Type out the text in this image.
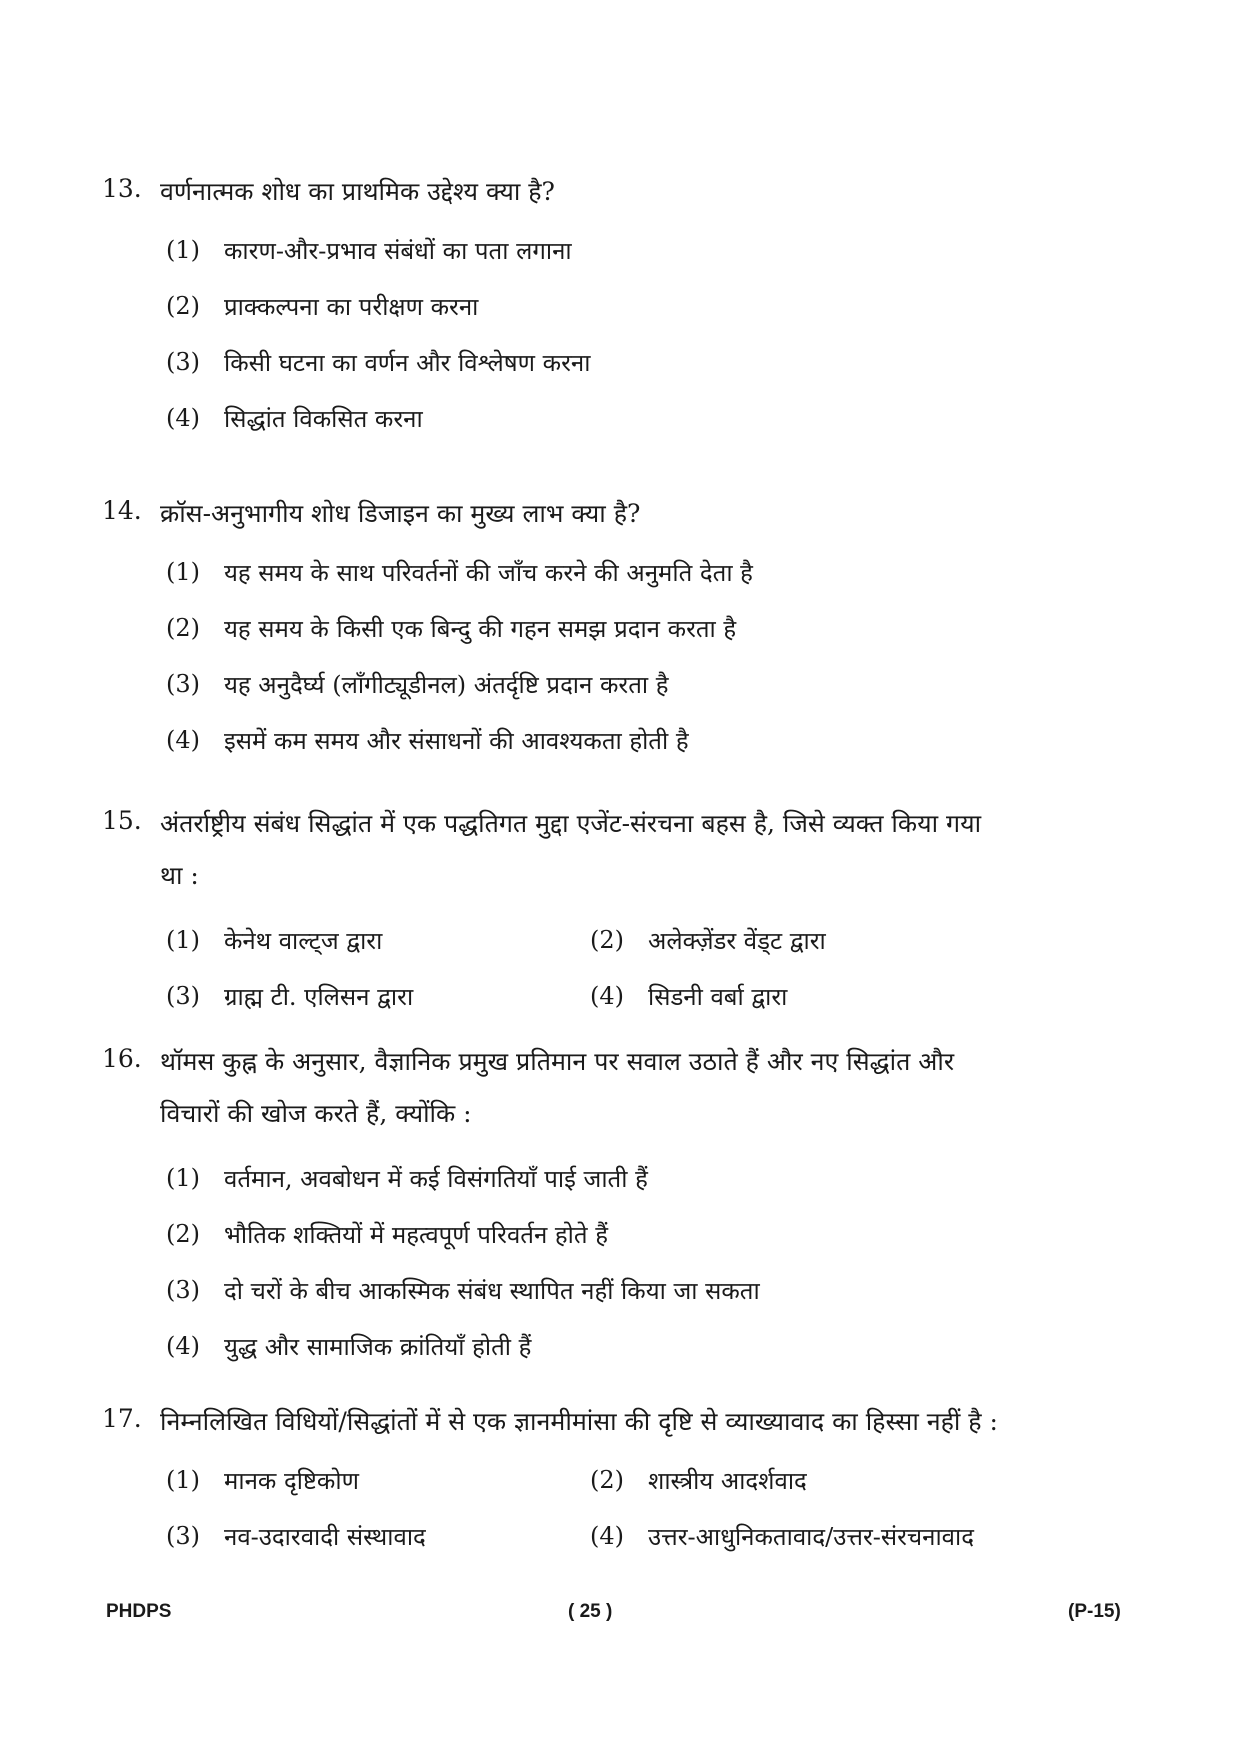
13. वर्णनात्मक शोध का प्राथमिक उद्देश्य क्या है?
(1) कारण-और-प्रभाव संबंधों का पता लगाना
(2) प्राक्कल्पना का परीक्षण करना
(3) किसी घटना का वर्णन और विश्लेषण करना
(4) सिद्धांत विकसित करना
14. क्रॉस-अनुभागीय शोध डिजाइन का मुख्य लाभ क्या है?
(1) यह समय के साथ परिवर्तनों की जाँच करने की अनुमति देता है
(2) यह समय के किसी एक बिन्दु की गहन समझ प्रदान करता है
(3) यह अनुदैर्घ्य (लॉंगीट्यूडीनल) अंतर्दृष्टि प्रदान करता है
(4) इसमें कम समय और संसाधनों की आवश्यकता होती है
15. अंतर्राष्ट्रीय संबंध सिद्धांत में एक पद्धतिगत मुद्दा एजेंट-संरचना बहस है, जिसे व्यक्त किया गया
था :
(1) केनेथ वाल्ट्ज द्वारा	(2) अलेक्ज़ेंडर वेंड्ट द्वारा
(3) ग्राह्म टी. एलिसन द्वारा	(4) सिडनी वर्बा द्वारा
16. थॉमस कुह्न के अनुसार, वैज्ञानिक प्रमुख प्रतिमान पर सवाल उठाते हैं और नए सिद्धांत और
विचारों की खोज करते हैं, क्योंकि :
(1) वर्तमान, अवबोधन में कई विसंगतियाँ पाई जाती हैं
(2) भौतिक शक्तियों में महत्वपूर्ण परिवर्तन होते हैं
(3) दो चरों के बीच आकस्मिक संबंध स्थापित नहीं किया जा सकता
(4) युद्ध और सामाजिक क्रांतियाँ होती हैं
17. निम्नलिखित विधियों/सिद्धांतों में से एक ज्ञानमीमांसा की दृष्टि से व्याख्यावाद का हिस्सा नहीं है :
(1) मानक दृष्टिकोण	(2) शास्त्रीय आदर्शवाद
(3) नव-उदारवादी संस्थावाद	(4) उत्तर-आधुनिकतावाद/उत्तर-संरचनावाद
PHDPS	( 25 )	(P-15)
